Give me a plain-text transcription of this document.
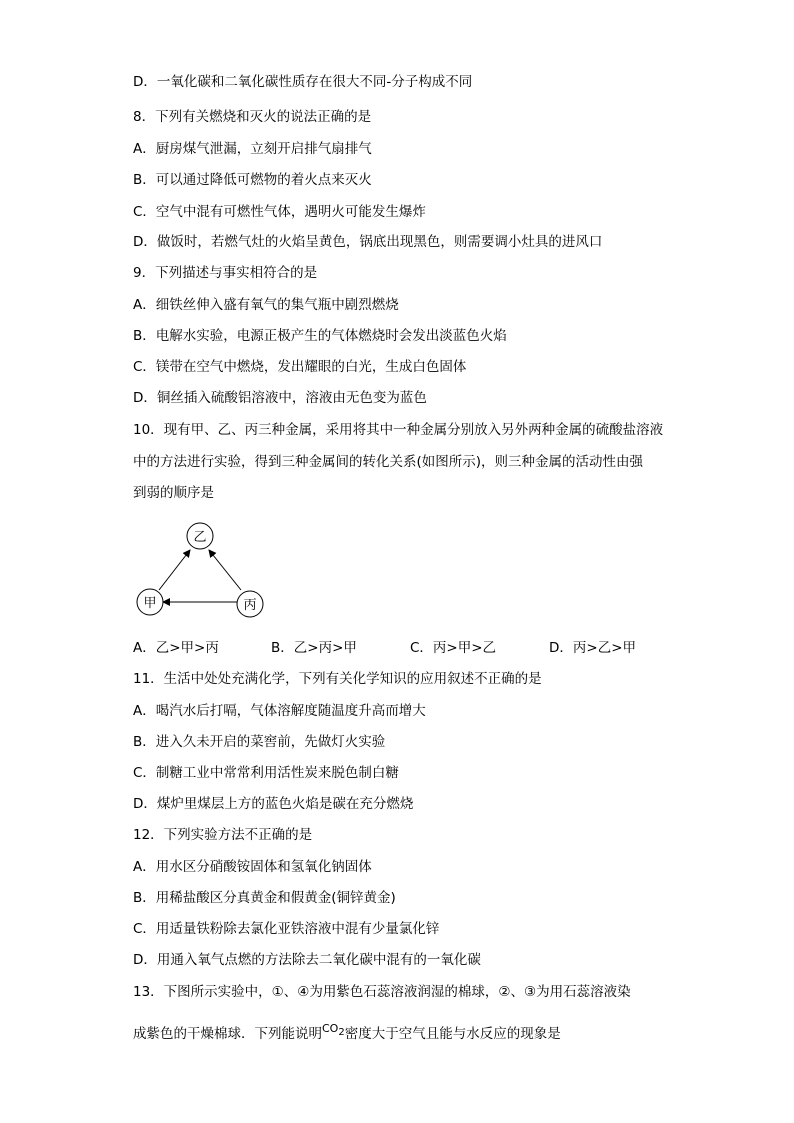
D．一氧化碳和二氧化碳性质存在很大不同-分子构成不同
8．下列有关燃烧和灭火的说法正确的是
A．厨房煤气泄漏，立刻开启排气扇排气
B．可以通过降低可燃物的着火点来灭火
C．空气中混有可燃性气体，遇明火可能发生爆炸
D．做饭时，若燃气灶的火焰呈黄色，锅底出现黑色，则需要调小灶具的进风口
9．下列描述与事实相符合的是
A．细铁丝伸入盛有氧气的集气瓶中剧烈燃烧
B．电解水实验，电源正极产生的气体燃烧时会发出淡蓝色火焰
C．镁带在空气中燃烧，发出耀眼的白光，生成白色固体
D．铜丝插入硫酸铝溶液中，溶液由无色变为蓝色
10．现有甲、乙、丙三种金属，采用将其中一种金属分别放入另外两种金属的硫酸盐溶液
中的方法进行实验，得到三种金属间的转化关系(如图所示)，则三种金属的活动性由强
到弱的顺序是
乙
甲	丙
A．乙>甲>丙	B．乙>丙>甲	C．丙>甲>乙	D．丙>乙>甲
11．生活中处处充满化学，下列有关化学知识的应用叙述不正确的是
A．喝汽水后打嗝，气体溶解度随温度升高而增大
B．进入久未开启的菜窖前，先做灯火实验
C．制糖工业中常常利用活性炭来脱色制白糖
D．煤炉里煤层上方的蓝色火焰是碳在充分燃烧
12．下列实验方法不正确的是
A．用水区分硝酸铵固体和氢氧化钠固体
B．用稀盐酸区分真黄金和假黄金(铜锌黄金)
C．用适量铁粉除去氯化亚铁溶液中混有少量氯化锌
D．用通入氧气点燃的方法除去二氧化碳中混有的一氧化碳
13．下图所示实验中，①、④为用紫色石蕊溶液润湿的棉球，②、③为用石蕊溶液染
成紫色的干燥棉球．下列能说明$^{CO2}$密度大于空气且能与水反应的现象是
